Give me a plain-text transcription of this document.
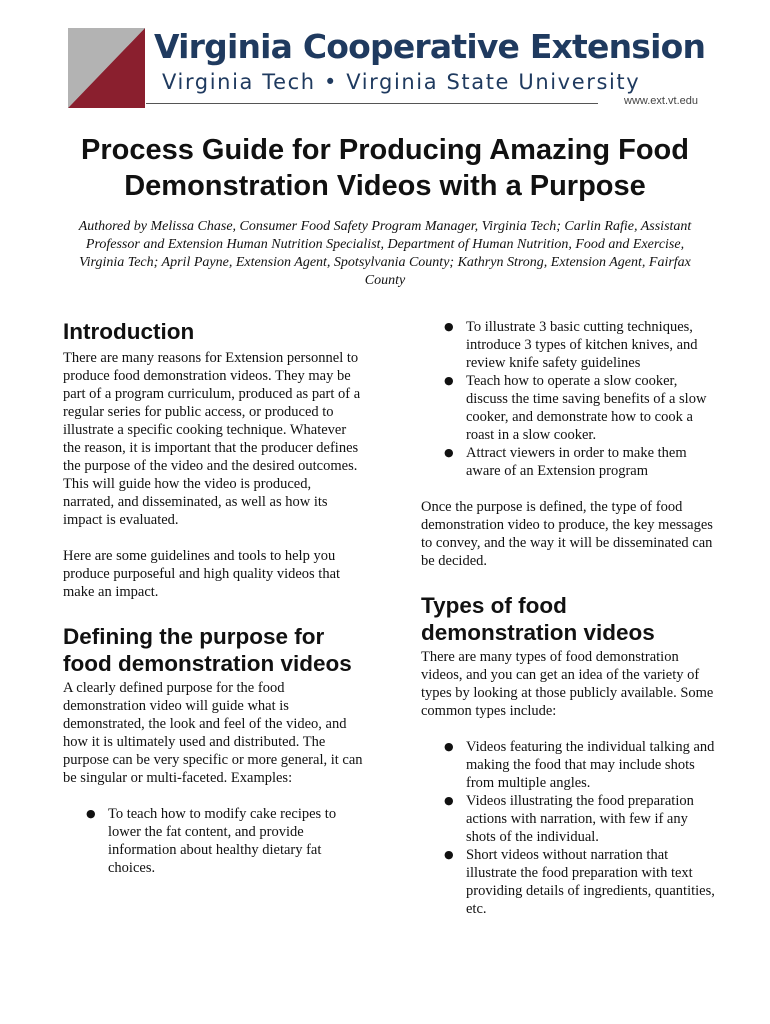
Virginia Cooperative Extension
Virginia Tech • Virginia State University
www.ext.vt.edu
Process Guide for Producing Amazing Food Demonstration Videos with a Purpose

Authored by Melissa Chase, Consumer Food Safety Program Manager, Virginia Tech; Carlin Rafie, Assistant Professor and Extension Human Nutrition Specialist, Department of Human Nutrition, Food and Exercise, Virginia Tech; April Payne, Extension Agent, Spotsylvania County; Kathryn Strong, Extension Agent, Fairfax County

Introduction

There are many reasons for Extension personnel to produce food demonstration videos. They may be part of a program curriculum, produced as part of a regular series for public access, or produced to illustrate a specific cooking technique. Whatever the reason, it is important that the producer defines the purpose of the video and the desired outcomes. This will guide how the video is produced, narrated, and disseminated, as well as how its impact is evaluated.

Here are some guidelines and tools to help you produce purposeful and high quality videos that make an impact.

Defining the purpose for food demonstration videos

A clearly defined purpose for the food demonstration video will guide what is demonstrated, the look and feel of the video, and how it is ultimately used and distributed. The purpose can be very specific or more general, it can be singular or multi-faceted. Examples:

● To teach how to modify cake recipes to lower the fat content, and provide information about healthy dietary fat choices.
● To illustrate 3 basic cutting techniques, introduce 3 types of kitchen knives, and review knife safety guidelines
● Teach how to operate a slow cooker, discuss the time saving benefits of a slow cooker, and demonstrate how to cook a roast in a slow cooker.
● Attract viewers in order to make them aware of an Extension program

Once the purpose is defined, the type of food demonstration video to produce, the key messages to convey, and the way it will be disseminated can be decided.

Types of food demonstration videos

There are many types of food demonstration videos, and you can get an idea of the variety of types by looking at those publicly available. Some common types include:

● Videos featuring the individual talking and making the food that may include shots from multiple angles.
● Videos illustrating the food preparation actions with narration, with few if any shots of the individual.
● Short videos without narration that illustrate the food preparation with text providing details of ingredients, quantities, etc.
